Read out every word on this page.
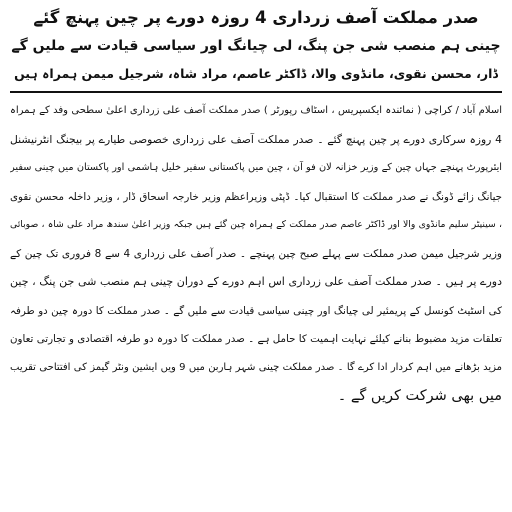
صدر مملکت آصف زرداری 4 روزہ دورے پر چین پہنچ گئے

چینی ہم منصب شی جن پنگ، لی چیانگ اور سیاسی قیادت سے ملیں گے

ڈار، محسن نقوی، مانڈوی والا، ڈاکٹر عاصم، مراد شاہ، شرجیل میمن ہمراہ ہیں

اسلام آباد / کراچی ( نمائندہ ایکسپریس ، اسٹاف رپورٹر ) صدر مملکت آصف علی زرداری اعلیٰ سطحی وفد کے ہمراہ

4 روزہ سرکاری دورے پر چین پہنچ گئے ۔ صدر مملکت آصف علی زرداری خصوصی طیارے پر بیجنگ انٹرنیشنل

ایئرپورٹ پہنچے جہاں چین کے وزیر خزانہ لان فو آن ، چین میں پاکستانی سفیر خلیل ہاشمی اور پاکستان میں چینی سفیر

جیانگ زائے ڈونگ نے صدر مملکت کا استقبال کیا۔ ڈپٹی وزیراعظم وزیر خارجہ اسحاق ڈار ، وزیر داخلہ محسن نقوی

، سینیٹر سلیم مانڈوی والا اور ڈاکٹر عاصم صدر مملکت کے ہمراہ چین گئے ہیں جبکہ وزیر اعلیٰ سندھ مراد علی شاہ ، صوبائی

وزیر شرجیل میمن صدر مملکت سے پہلے صبح چین پہنچے ۔ صدر آصف علی زرداری 4 سے 8 فروری تک چین کے

دورے پر ہیں ۔ صدر مملکت آصف علی زرداری اس اہم دورے کے دوران چینی ہم منصب شی جن پنگ ، چین

کی اسٹیٹ کونسل کے پریمئیر لی چیانگ اور چینی سیاسی قیادت سے ملیں گے ۔ صدر مملکت کا دورہ چین دو طرفہ

تعلقات مزید مضبوط بنانے کیلئے نہایت اہمیت کا حامل ہے ۔ صدر مملکت کا دورہ دو طرفہ اقتصادی و تجارتی تعاون

مزید بڑھانے میں اہم کردار ادا کرے گا ۔ صدر مملکت چینی شہر ہاربن میں 9 ویں ایشین ونٹر گیمز کی افتتاحی تقریب

میں بھی شرکت کریں گے ۔
